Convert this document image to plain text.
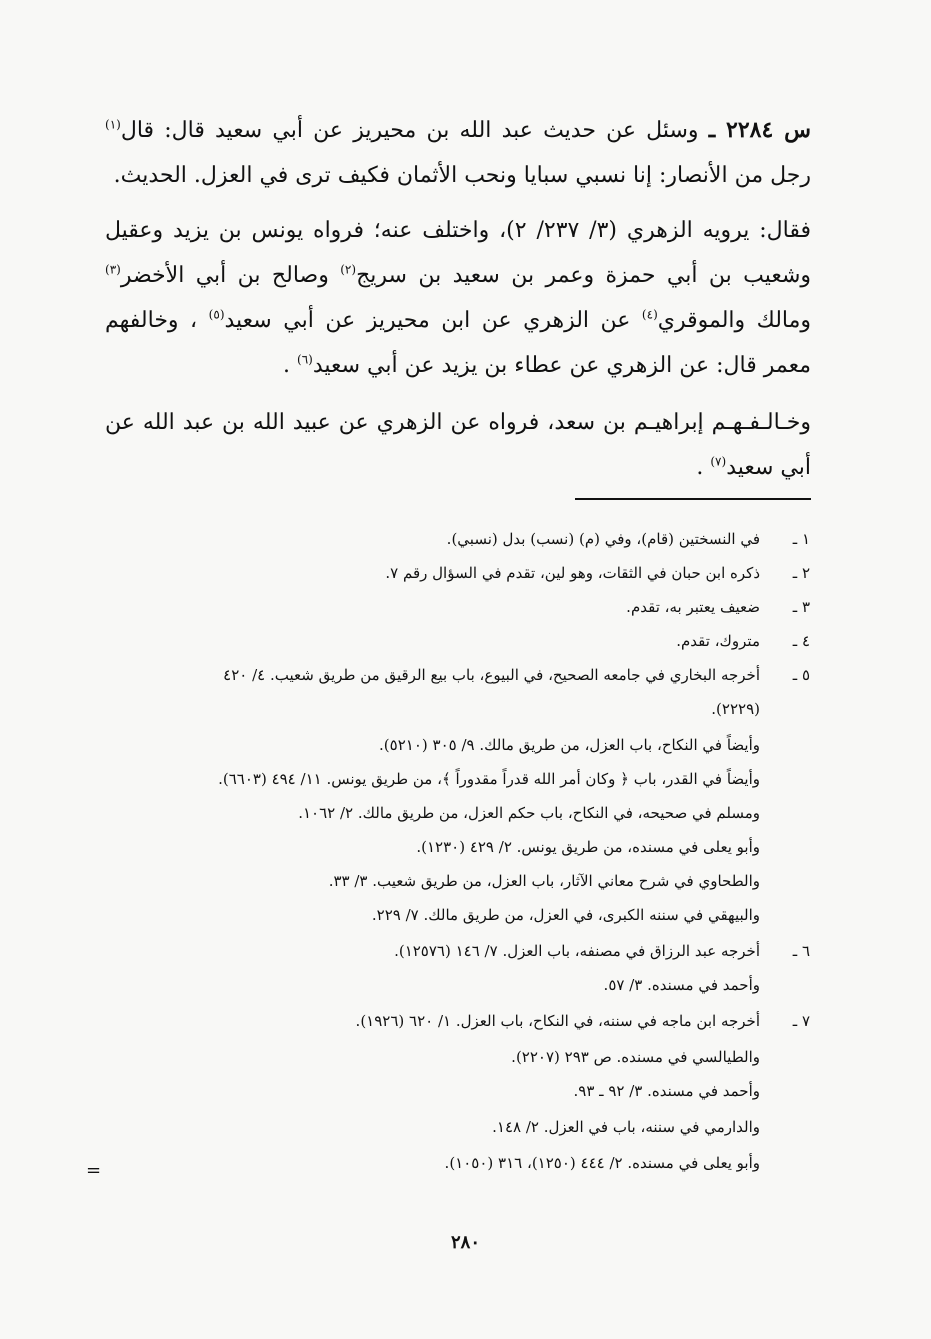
س ٢٢٨٤ ـ وسئل عن حديث عبد الله بن محيريز عن أبي سعيد قال: قال$^{(١)}$ رجل من الأنصار: إنا نسبي سبايا ونحب الأثمان فكيف ترى في العزل. الحديث.

فقال: يرويه الزهري (٣/ ٢٣٧/ ٢)، واختلف عنه؛ فرواه يونس بن يزيد وعقيل وشعيب بن أبي حمزة وعمر بن سعيد بن سريج$^{(٢)}$ وصالح بن أبي الأخضر$^{(٣)}$ ومالك والموقري$^{(٤)}$ عن الزهري عن ابن محيريز عن أبي سعيد$^{(٥)}$ ، وخالفهم معمر قال: عن الزهري عن عطاء بن يزيد عن أبي سعيد$^{(٦)}$ .

وخـالـفـهـم إبراهيـم بن سعد، فرواه عن الزهري عن عبيد الله بن عبد الله عن أبي سعيد$^{(٧)}$ .

١ ـفي النسختين (قام)، وفي (م) (نسب) بدل (نسبي).

٢ ـذكره ابن حبان في الثقات، وهو لين، تقدم في السؤال رقم ٧.

٣ ـضعيف يعتبر به، تقدم.

٤ ـمتروك، تقدم.

٥ ـأخرجه البخاري في جامعه الصحيح، في البيوع، باب بيع الرقيق من طريق شعيب. ٤/ ٤٢٠

(٢٢٢٩).

وأيضاً في النكاح، باب العزل، من طريق مالك. ٩/ ٣٠٥ (٥٢١٠).

وأيضاً في القدر، باب ﴿ وكان أمر الله قدراً مقدوراً ﴾، من طريق يونس. ١١/ ٤٩٤ (٦٦٠٣).

ومسلم في صحيحه، في النكاح، باب حكم العزل، من طريق مالك. ٢/ ١٠٦٢.

وأبو يعلى في مسنده، من طريق يونس. ٢/ ٤٢٩ (١٢٣٠).

والطحاوي في شرح معاني الآثار، باب العزل، من طريق شعيب. ٣/ ٣٣.

والبيهقي في سننه الكبرى، في العزل، من طريق مالك. ٧/ ٢٢٩.

٦ ـأخرجه عبد الرزاق في مصنفه، باب العزل. ٧/ ١٤٦ (١٢٥٧٦).

وأحمد في مسنده. ٣/ ٥٧.

٧ ـأخرجه ابن ماجه في سننه، في النكاح، باب العزل. ١/ ٦٢٠ (١٩٢٦).

والطيالسي في مسنده. ص ٢٩٣ (٢٢٠٧).

وأحمد في مسنده. ٣/ ٩٢ ـ ٩٣.

والدارمي في سننه، باب في العزل. ٢/ ١٤٨.

وأبو يعلى في مسنده. ٢/ ٤٤٤ (١٢٥٠)، ٣١٦ (١٠٥٠).

=
٢٨٠
